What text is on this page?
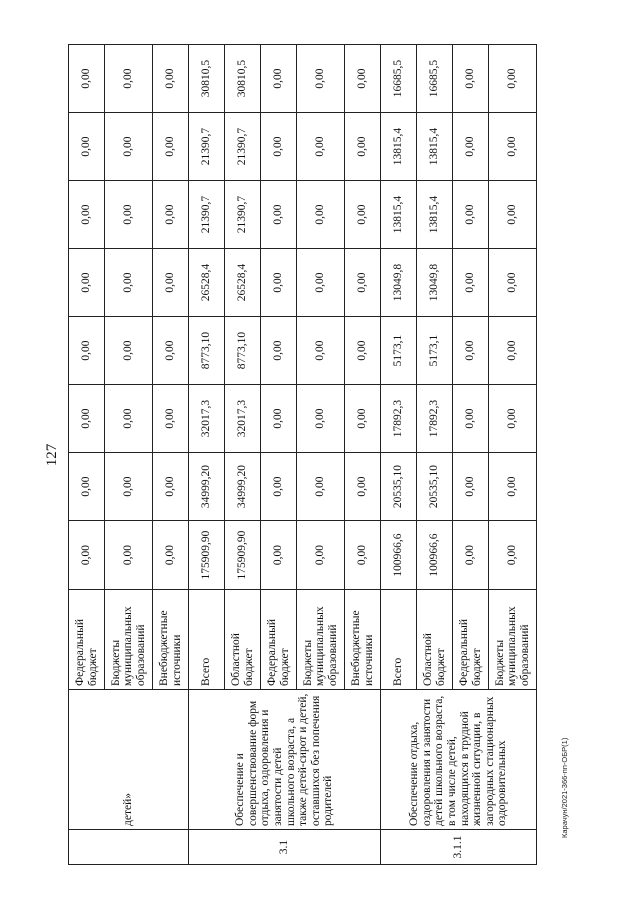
127
	детей»	Федеральный бюджет	0,00	0,00	0,00	0,00	0,00	0,00	0,00	0,00
		Бюджеты муниципальных образований	0,00	0,00	0,00	0,00	0,00	0,00	0,00	0,00
		Внебюджетные источники	0,00	0,00	0,00	0,00	0,00	0,00	0,00	0,00
3.1	Обеспечение и совершенствование форм отдыха, оздоровления и занятости детей школьного возраста, а также детей-сирот и детей, оставшихся без попечения родителей	Всего	175909,90	34999,20	32017,3	8773,10	26528,4	21390,7	21390,7	30810,5
		Областной бюджет	175909,90	34999,20	32017,3	8773,10	26528,4	21390,7	21390,7	30810,5
		Федеральный бюджет	0,00	0,00	0,00	0,00	0,00	0,00	0,00	0,00
		Бюджеты муниципальных образований	0,00	0,00	0,00	0,00	0,00	0,00	0,00	0,00
		Внебюджетные источники	0,00	0,00	0,00	0,00	0,00	0,00	0,00	0,00
3.1.1	Обеспечение отдыха, оздоровления и занятости детей школьного возраста, в том числе детей, находящихся в трудной жизненной ситуации, в загородных стационарных оздоровительных	Всего	100966,6	20535,10	17892,3	5173,1	13049,8	13815,4	13815,4	16685,5
		Областной бюджет	100966,6	20535,10	17892,3	5173,1	13049,8	13815,4	13815,4	16685,5
		Федеральный бюджет	0,00	0,00	0,00	0,00	0,00	0,00	0,00	0,00
		Бюджеты муниципальных образований	0,00	0,00	0,00	0,00	0,00	0,00	0,00	0,00
Карачун/2021-366-пп-ОБР(1)
